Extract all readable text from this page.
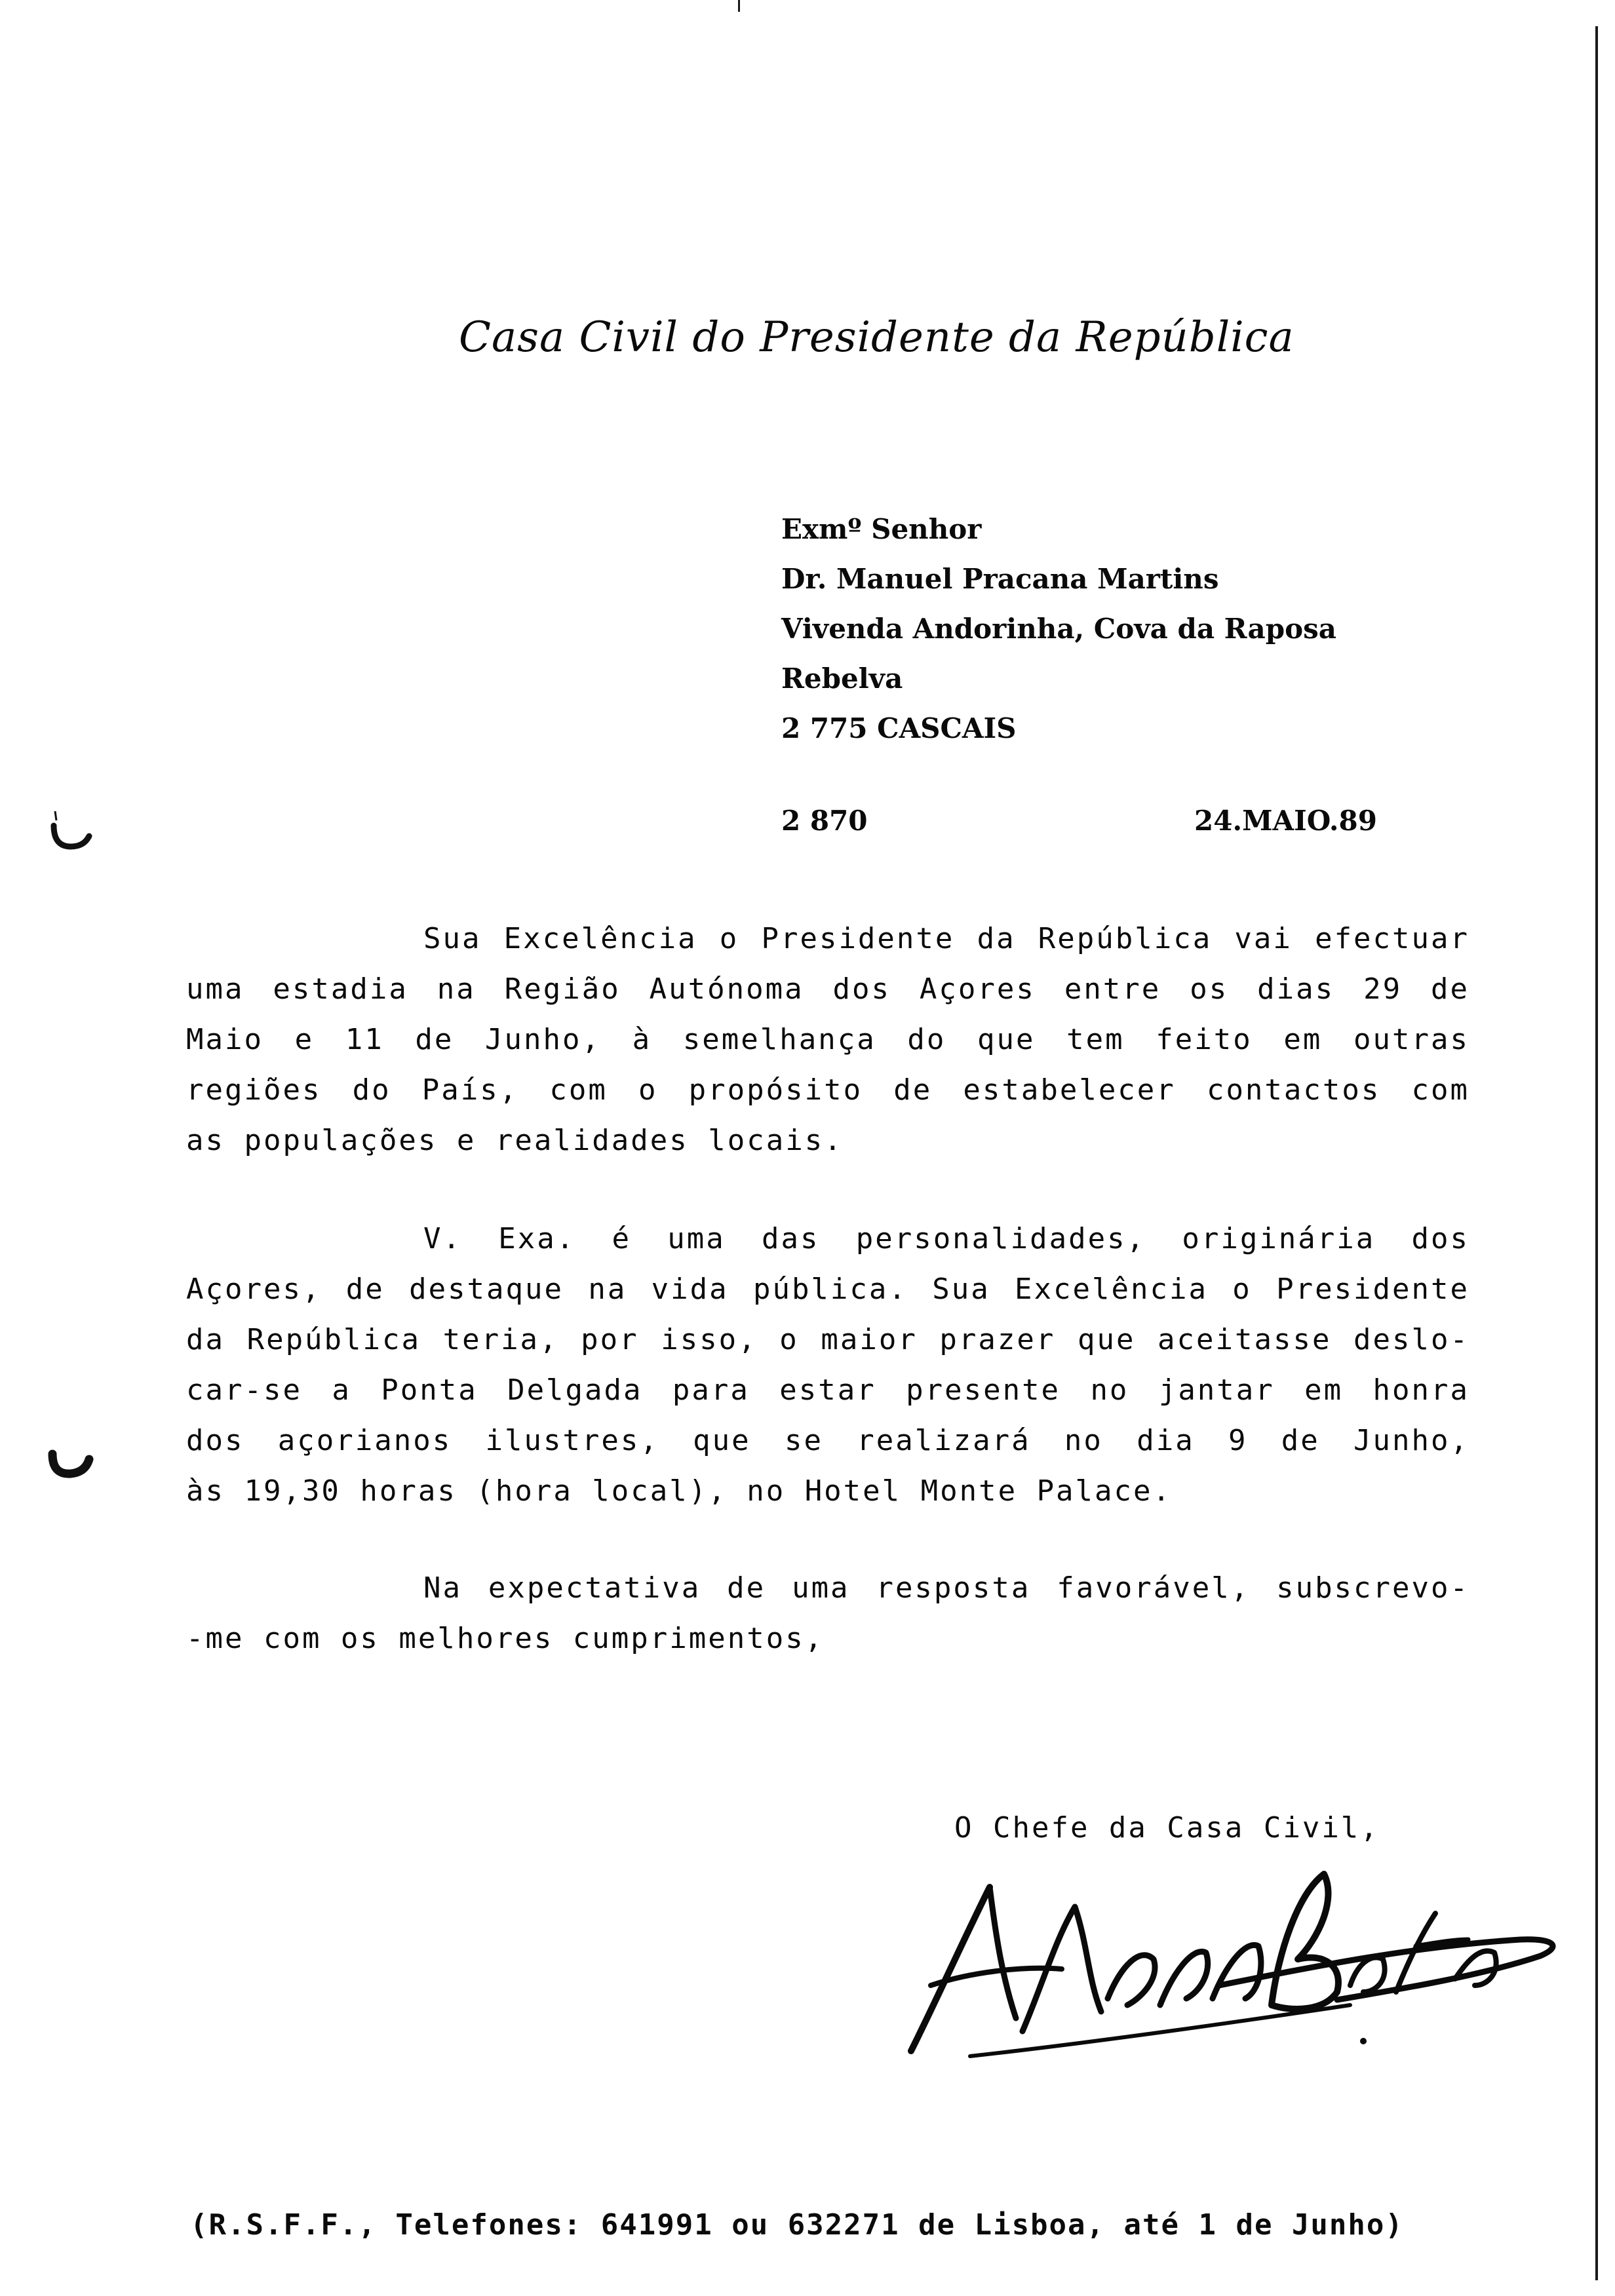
Casa Civil do Presidente da República
Exmº Senhor
Dr. Manuel Pracana Martins
Vivenda Andorinha, Cova da Raposa
Rebelva
2 775 CASCAIS
2 870	24.MAIO.89
Sua Excelência o Presidente da República vai efectuar
uma estadia na Região Autónoma dos Açores entre os dias 29 de
Maio e 11 de Junho, à semelhança do que tem feito em outras
regiões do País, com o propósito de estabelecer contactos com
as populações e realidades locais.
V. Exa. é uma das personalidades, originária dos
Açores, de destaque na vida pública. Sua Excelência o Presidente
da República teria, por isso, o maior prazer que aceitasse deslo-
car-se a Ponta Delgada para estar presente no jantar em honra
dos açorianos ilustres, que se realizará no dia 9 de Junho,
às 19,30 horas (hora local), no Hotel Monte Palace.
Na expectativa de uma resposta favorável, subscrevo-
-me com os melhores cumprimentos,
O Chefe da Casa Civil,
(R.S.F.F., Telefones: 641991 ou 632271 de Lisboa, até 1 de Junho)
